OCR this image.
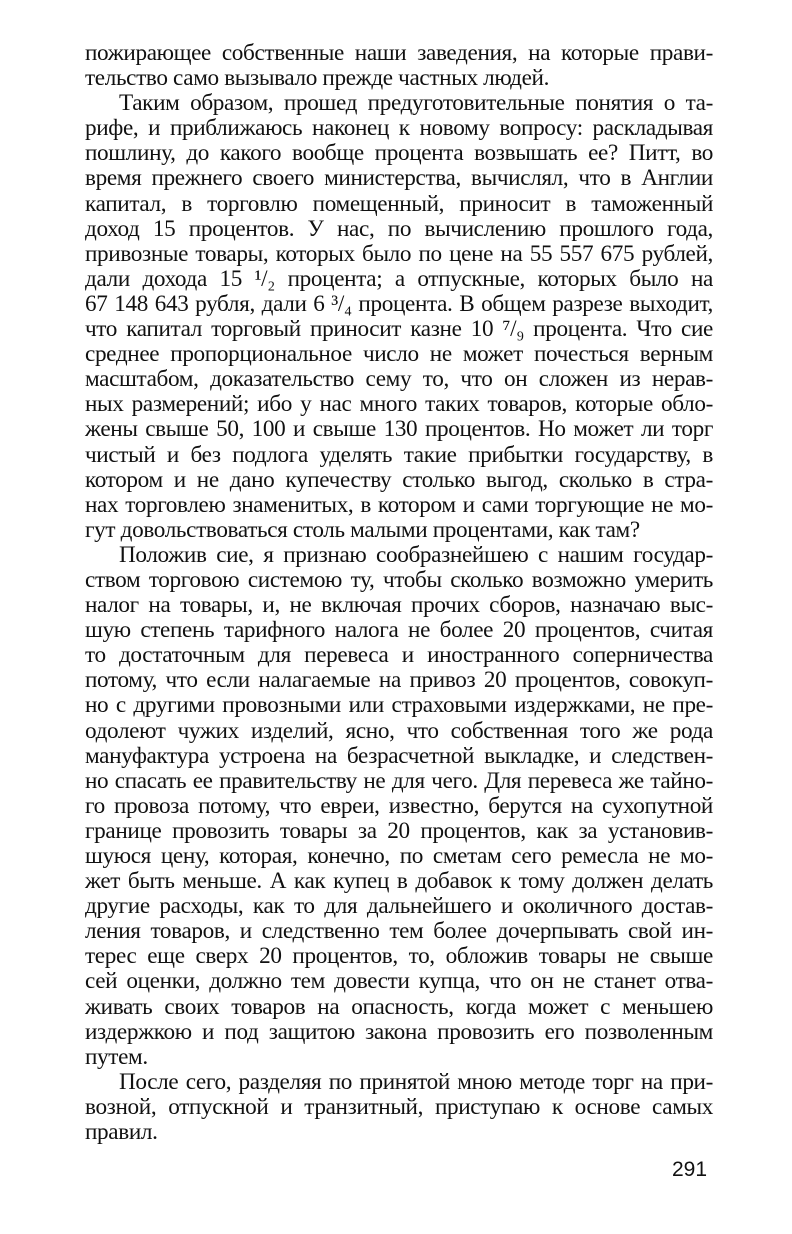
пожирающее собственные наши заведения, на которые прави-
тельство само вызывало прежде частных людей.
Таким образом, прошед предуготовительные понятия о та-
рифе, и приближаюсь наконец к новому вопросу: раскладывая
пошлину, до какого вообще процента возвышать ее? Питт, во
время прежнего своего министерства, вычислял, что в Англии
капитал, в торговлю помещенный, приносит в таможенный
доход 15 процентов. У нас, по вычислению прошлого года,
привозные товары, которых было по цене на 55 557 675 рублей,
дали дохода 15 ¹/₂ процента; а отпускные, которых было на
67 148 643 рубля, дали 6 ³/₄ процента. В общем разрезе выходит,
что капитал торговый приносит казне 10 ⁷/₉ процента. Что сие
среднее пропорциональное число не может почесться верным
масштабом, доказательство сему то, что он сложен из нерав-
ных размерений; ибо у нас много таких товаров, которые обло-
жены свыше 50, 100 и свыше 130 процентов. Но может ли торг
чистый и без подлога уделять такие прибытки государству, в
котором и не дано купечеству столько выгод, сколько в стра-
нах торговлею знаменитых, в котором и сами торгующие не мо-
гут довольствоваться столь малыми процентами, как там?
Положив сие, я признаю сообразнейшею с нашим государ-
ством торговою системою ту, чтобы сколько возможно умерить
налог на товары, и, не включая прочих сборов, назначаю выс-
шую степень тарифного налога не более 20 процентов, считая
то достаточным для перевеса и иностранного соперничества
потому, что если налагаемые на привоз 20 процентов, совокуп-
но с другими провозными или страховыми издержками, не пре-
одолеют чужих изделий, ясно, что собственная того же рода
мануфактура устроена на безрасчетной выкладке, и следствен-
но спасать ее правительству не для чего. Для перевеса же тайно-
го провоза потому, что евреи, известно, берутся на сухопутной
границе провозить товары за 20 процентов, как за установив-
шуюся цену, которая, конечно, по сметам сего ремесла не мо-
жет быть меньше. А как купец в добавок к тому должен делать
другие расходы, как то для дальнейшего и околичного достав-
ления товаров, и следственно тем более дочерпывать свой ин-
терес еще сверх 20 процентов, то, обложив товары не свыше
сей оценки, должно тем довести купца, что он не станет отва-
живать своих товаров на опасность, когда может с меньшею
издержкою и под защитою закона провозить его позволенным
путем.
После сего, разделяя по принятой мною методе торг на при-
возной, отпускной и транзитный, приступаю к основе самых
правил.
291
